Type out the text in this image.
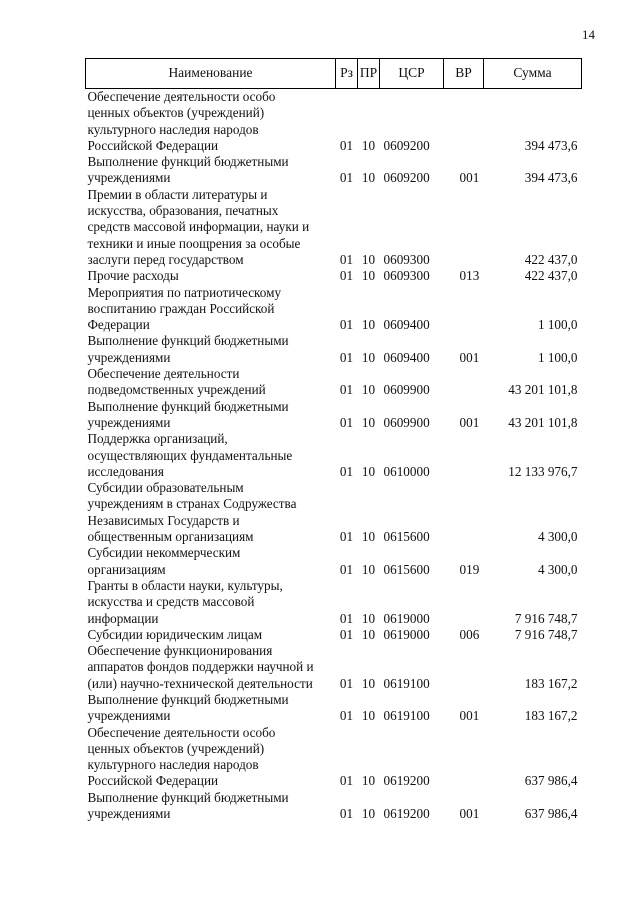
14
Наименование	Рз	ПР	ЦСР	ВР	Сумма

Обеспечение деятельности особо
ценных объектов (учреждений)
культурного наследия народов
Российской Федерации	01	10	0609200		394 473,6

Выполнение функций бюджетными
учреждениями	01	10	0609200	001	394 473,6

Премии в области литературы и
искусства, образования, печатных
средств массовой информации, науки и
техники и иные поощрения за особые
заслуги перед государством	01	10	0609300		422 437,0

Прочие расходы	01	10	0609300	013	422 437,0

Мероприятия по патриотическому
воспитанию граждан Российской
Федерации	01	10	0609400		1 100,0

Выполнение функций бюджетными
учреждениями	01	10	0609400	001	1 100,0

Обеспечение деятельности
подведомственных учреждений	01	10	0609900		43 201 101,8

Выполнение функций бюджетными
учреждениями	01	10	0609900	001	43 201 101,8

Поддержка организаций,
осуществляющих фундаментальные
исследования	01	10	0610000		12 133 976,7

Субсидии образовательным
учреждениям в странах Содружества
Независимых Государств и
общественным организациям	01	10	0615600		4 300,0

Субсидии некоммерческим
организациям	01	10	0615600	019	4 300,0

Гранты в области науки, культуры,
искусства и средств массовой
информации	01	10	0619000		7 916 748,7

Субсидии юридическим лицам	01	10	0619000	006	7 916 748,7

Обеспечение функционирования
аппаратов фондов поддержки научной и
(или) научно-технической деятельности	01	10	0619100		183 167,2

Выполнение функций бюджетными
учреждениями	01	10	0619100	001	183 167,2

Обеспечение деятельности особо
ценных объектов (учреждений)
культурного наследия народов
Российской Федерации	01	10	0619200		637 986,4

Выполнение функций бюджетными
учреждениями	01	10	0619200	001	637 986,4
